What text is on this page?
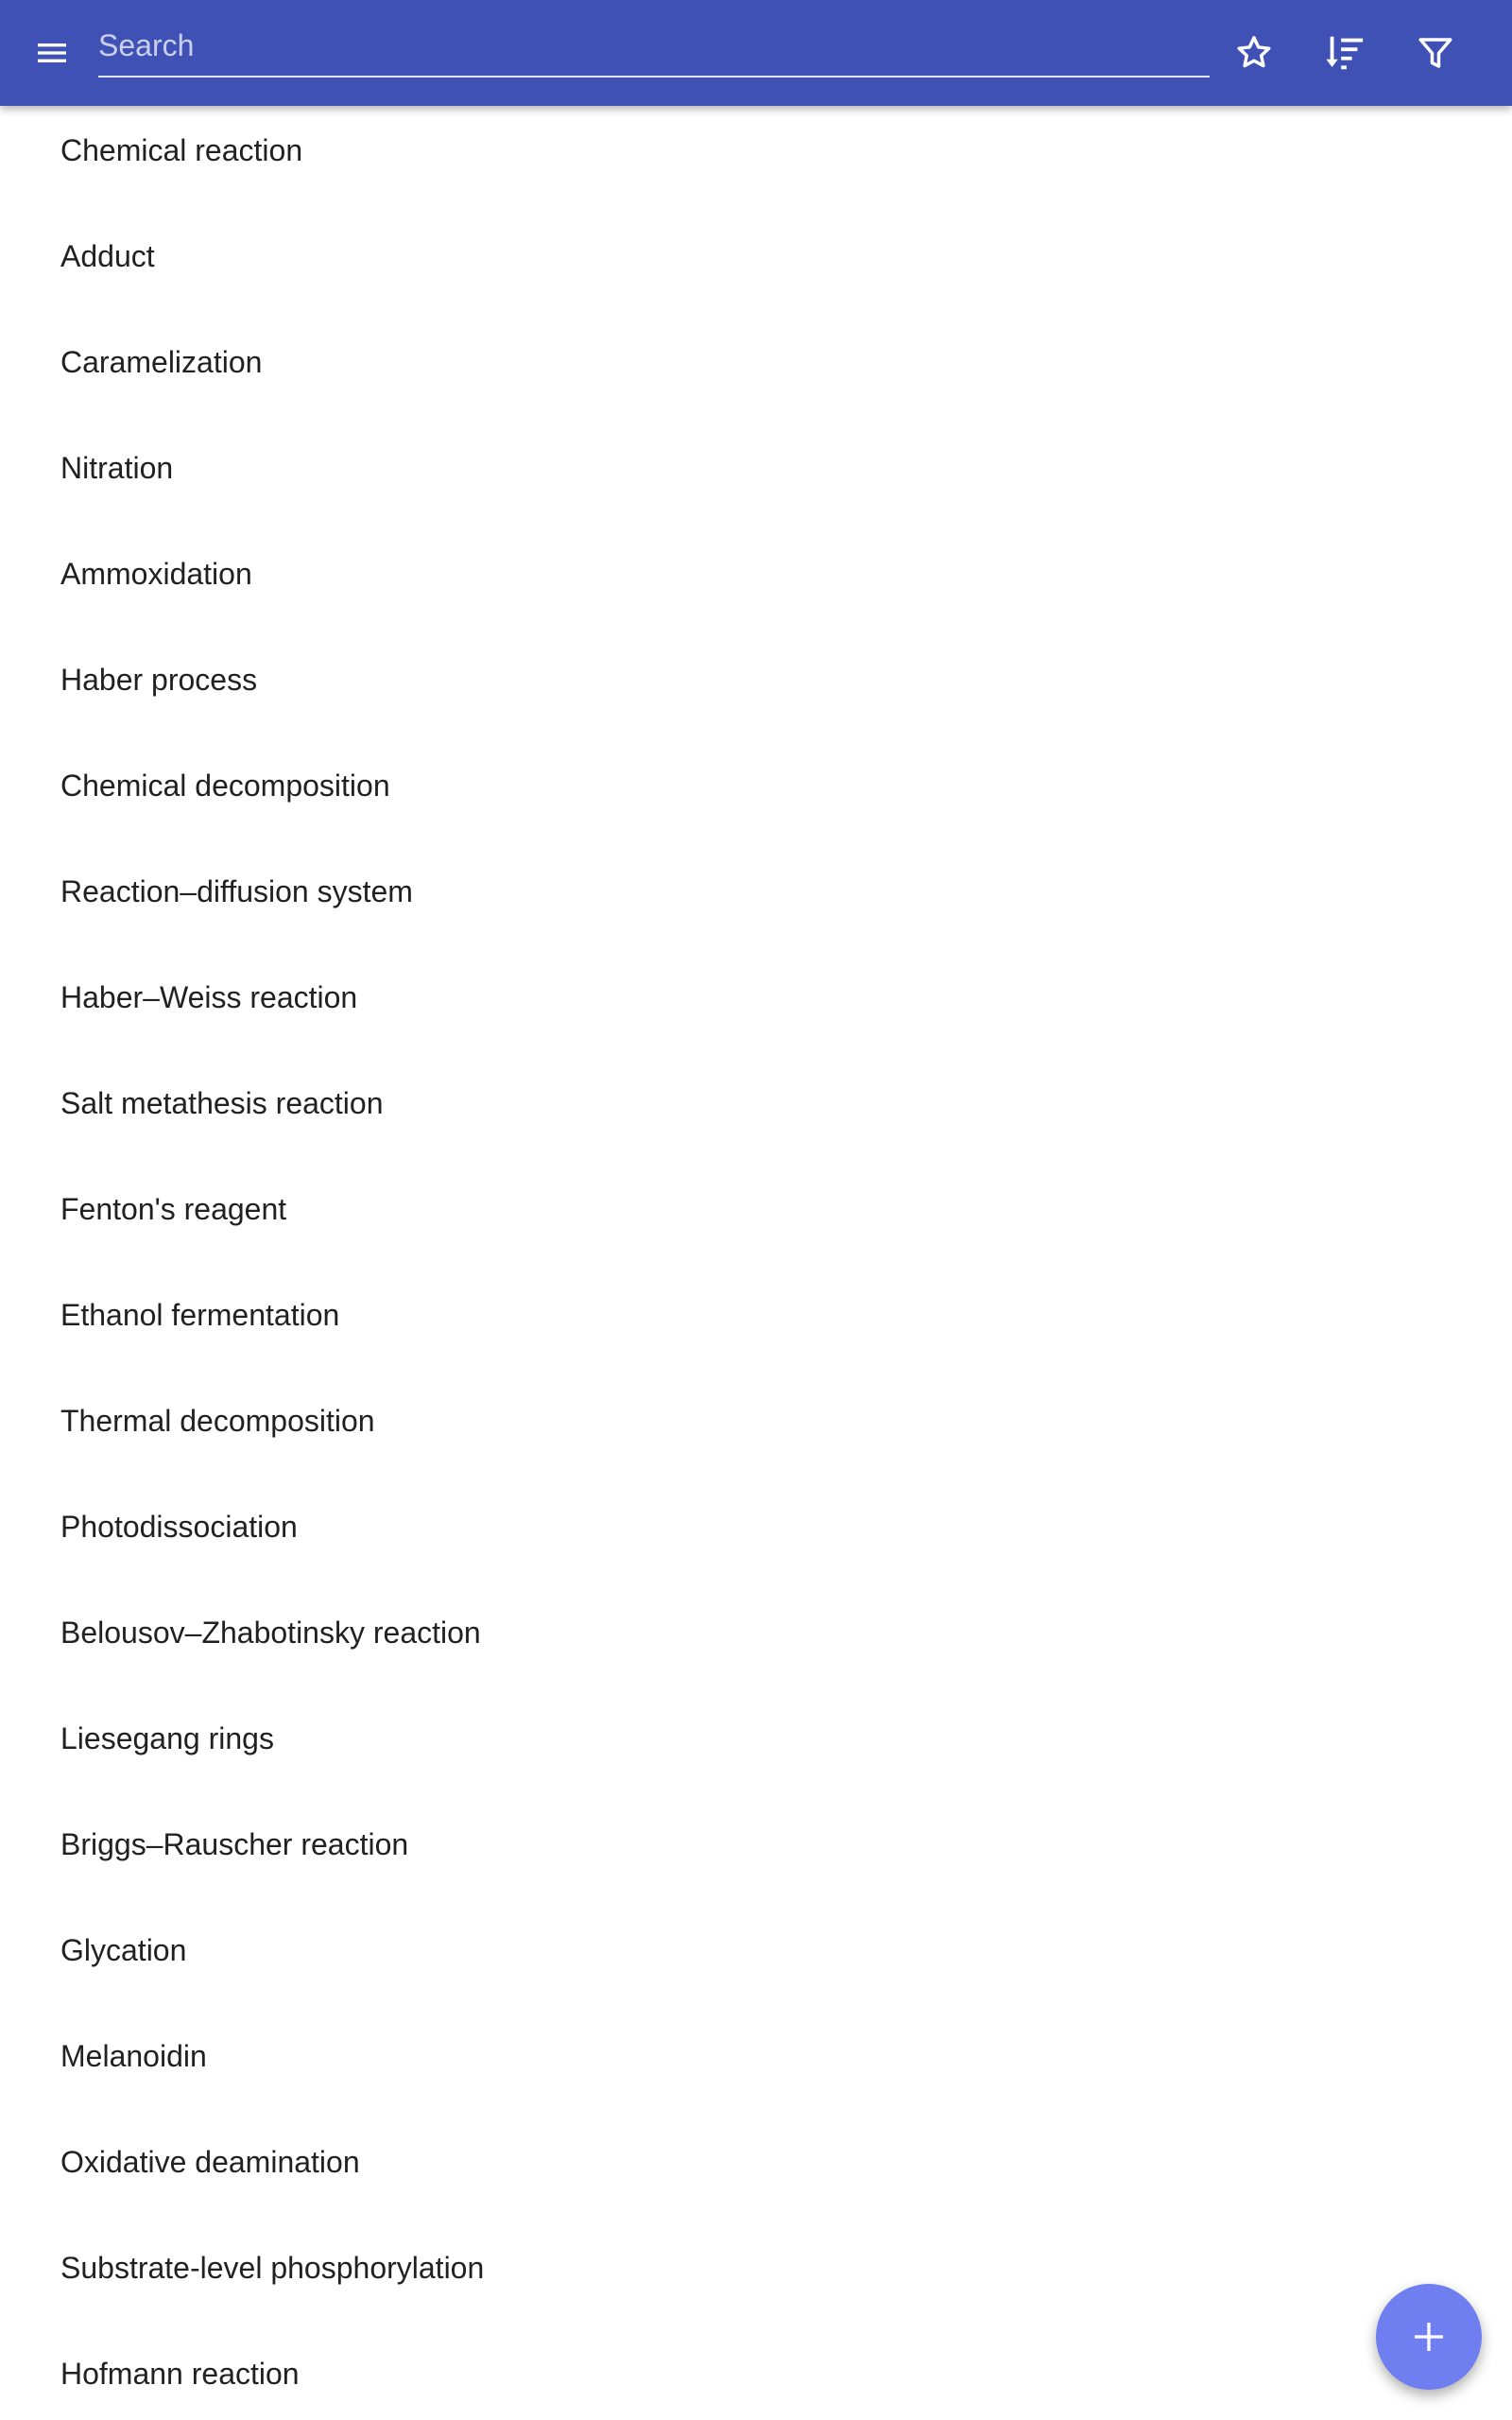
Search
Chemical reaction
Adduct
Caramelization
Nitration
Ammoxidation
Haber process
Chemical decomposition
Reaction–diffusion system
Haber–Weiss reaction
Salt metathesis reaction
Fenton's reagent
Ethanol fermentation
Thermal decomposition
Photodissociation
Belousov–Zhabotinsky reaction
Liesegang rings
Briggs–Rauscher reaction
Glycation
Melanoidin
Oxidative deamination
Substrate-level phosphorylation
Hofmann reaction
